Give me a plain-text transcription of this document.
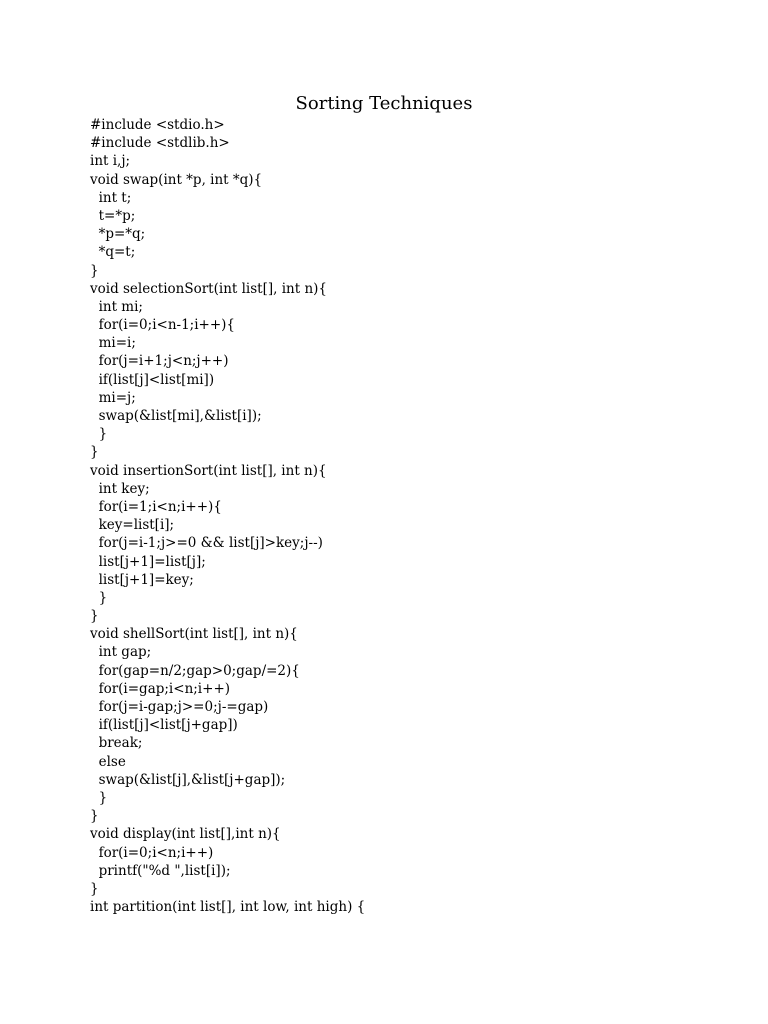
Sorting Techniques
#include <stdio.h>
#include <stdlib.h>
int i,j;
void swap(int *p, int *q){
int t;
t=*p;
*p=*q;
*q=t;
}
void selectionSort(int list[], int n){
int mi;
for(i=0;i<n-1;i++){
mi=i;
for(j=i+1;j<n;j++)
if(list[j]<list[mi])
mi=j;
swap(&list[mi],&list[i]);
}
}
void insertionSort(int list[], int n){
int key;
for(i=1;i<n;i++){
key=list[i];
for(j=i-1;j>=0 && list[j]>key;j--)
list[j+1]=list[j];
list[j+1]=key;
}
}
void shellSort(int list[], int n){
int gap;
for(gap=n/2;gap>0;gap/=2){
for(i=gap;i<n;i++)
for(j=i-gap;j>=0;j-=gap)
if(list[j]<list[j+gap])
break;
else
swap(&list[j],&list[j+gap]);
}
}
void display(int list[],int n){
for(i=0;i<n;i++)
printf("%d ",list[i]);
}
int partition(int list[], int low, int high) {
